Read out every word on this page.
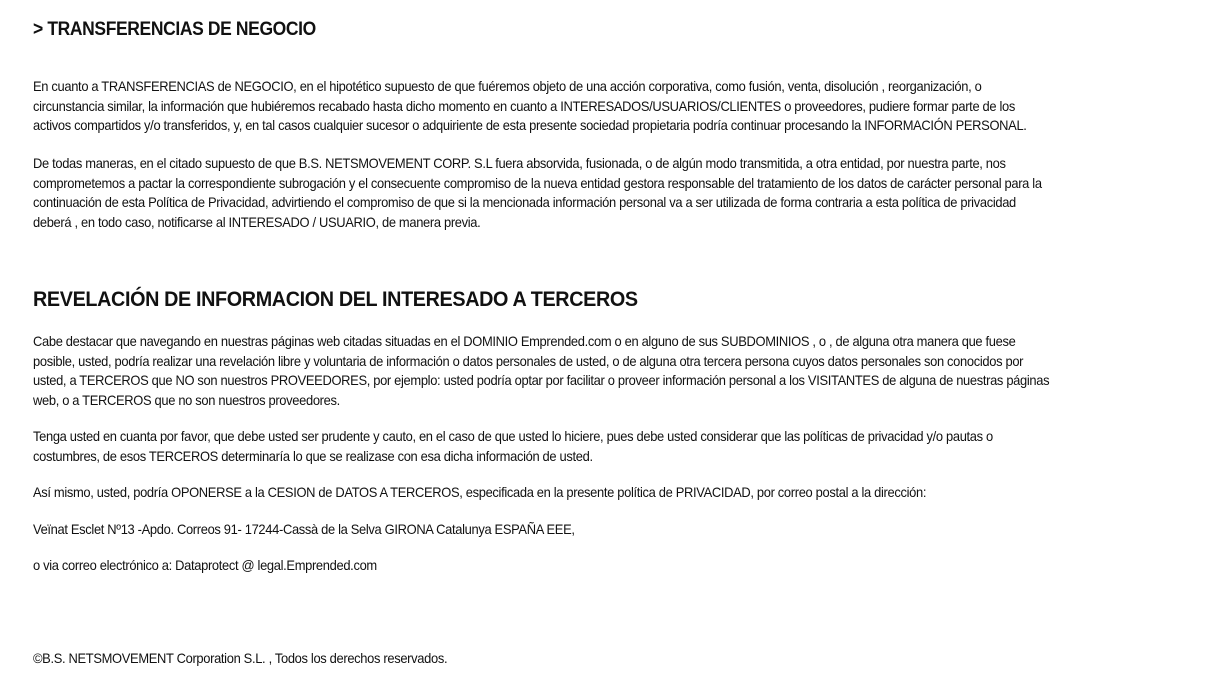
> TRANSFERENCIAS DE NEGOCIO

En cuanto a TRANSFERENCIAS de NEGOCIO, en el hipotético supuesto de que fuéremos objeto de una acción corporativa, como fusión, venta, disolución , reorganización, o
circunstancia similar, la información que hubiéremos recabado hasta dicho momento en cuanto a INTERESADOS/USUARIOS/CLIENTES o proveedores, pudiere formar parte de los
activos compartidos y/o transferidos, y, en tal casos cualquier sucesor o adquiriente de esta presente sociedad propietaria podría continuar procesando la INFORMACIÓN PERSONAL.

De todas maneras, en el citado supuesto de que B.S. NETSMOVEMENT CORP. S.L fuera absorvida, fusionada, o de algún modo transmitida, a otra entidad, por nuestra parte, nos
comprometemos a pactar la correspondiente subrogación y el consecuente compromiso de la nueva entidad gestora responsable del tratamiento de los datos de carácter personal para la
continuación de esta Política de Privacidad, advirtiendo el compromiso de que si la mencionada información personal va a ser utilizada de forma contraria a esta política de privacidad
deberá , en todo caso, notificarse al INTERESADO / USUARIO, de manera previa.

REVELACIÓN DE INFORMACION DEL INTERESADO A TERCEROS

Cabe destacar que navegando en nuestras páginas web citadas situadas en el DOMINIO Emprended.com o en alguno de sus SUBDOMINIOS , o , de alguna otra manera que fuese
posible, usted, podría realizar una revelación libre y voluntaria de información o datos personales de usted, o de alguna otra tercera persona cuyos datos personales son conocidos por
usted, a TERCEROS que NO son nuestros PROVEEDORES, por ejemplo: usted podría optar por facilitar o proveer información personal a los VISITANTES de alguna de nuestras páginas
web, o a TERCEROS que no son nuestros proveedores.

Tenga usted en cuanta por favor, que debe usted ser prudente y cauto, en el caso de que usted lo hiciere, pues debe usted considerar que las políticas de privacidad y/o pautas o
costumbres, de esos TERCEROS determinaría lo que se realizase con esa dicha información de usted.

Así mismo, usted, podría OPONERSE a la CESION de DATOS A TERCEROS, especificada en la presente política de PRIVACIDAD, por correo postal a la dirección:

Veïnat Esclet Nº13 -Apdo. Correos 91- 17244-Cassà de la Selva GIRONA Catalunya ESPAÑA EEE,

o via correo electrónico a: Dataprotect @ legal.Emprended.com

©B.S. NETSMOVEMENT Corporation S.L. , Todos los derechos reservados.
